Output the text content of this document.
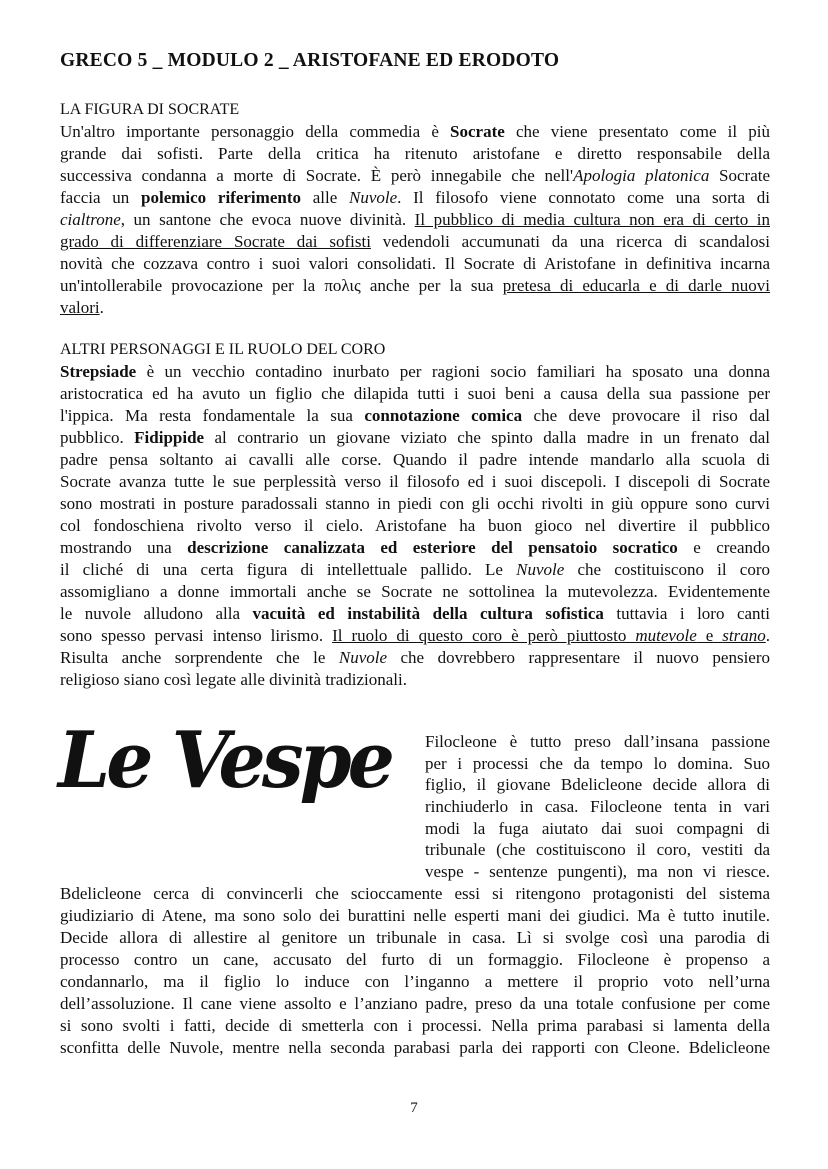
GRECO 5 _ MODULO 2 _ ARISTOFANE ED ERODOTO
LA FIGURA DI SOCRATE
Un'altro importante personaggio della commedia è Socrate che viene presentato come il più
grande dai sofisti. Parte della critica ha ritenuto aristofane e diretto responsabile della
successiva condanna a morte di Socrate. È però innegabile che nell'Apologia platonica Socrate
faccia un polemico riferimento alle Nuvole. Il filosofo viene connotato come una sorta di
cialtrone, un santone che evoca nuove divinità. Il pubblico di media cultura non era di certo in
grado di differenziare Socrate dai sofisti vedendoli accumunati da una ricerca di scandalosi
novità che cozzava contro i suoi valori consolidati. Il Socrate di Aristofane in definitiva incarna
un'intollerabile provocazione per la πολις anche per la sua pretesa di educarla e di darle nuovi
valori.
ALTRI PERSONAGGI E IL RUOLO DEL CORO
Strepsiade è un vecchio contadino inurbato per ragioni socio familiari ha sposato una donna
aristocratica ed ha avuto un figlio che dilapida tutti i suoi beni a causa della sua passione per
l'ippica. Ma resta fondamentale la sua connotazione comica che deve provocare il riso dal
pubblico. Fidippide al contrario un giovane viziato che spinto dalla madre in un frenato dal
padre pensa soltanto ai cavalli alle corse. Quando il padre intende mandarlo alla scuola di
Socrate avanza tutte le sue perplessità verso il filosofo ed i suoi discepoli. I discepoli di Socrate
sono mostrati in posture paradossali stanno in piedi con gli occhi rivolti in giù oppure sono curvi
col fondoschiena rivolto verso il cielo. Aristofane ha buon gioco nel divertire il pubblico
mostrando una descrizione canalizzata ed esteriore del pensatoio socratico e creando
il cliché di una certa figura di intellettuale pallido. Le Nuvole che costituiscono il coro
assomigliano a donne immortali anche se Socrate ne sottolinea la mutevolezza. Evidentemente
le nuvole alludono alla vacuità ed instabilità della cultura sofistica tuttavia i loro canti
sono spesso pervasi intenso lirismo. Il ruolo di questo coro è però piuttosto mutevole e strano.
Risulta anche sorprendente che le Nuvole che dovrebbero rappresentare il nuovo pensiero
religioso siano così legate alle divinità tradizionali.
Le Vespe Filocleone è tutto preso dall’insana passione
per i processi che da tempo lo domina. Suo
figlio, il giovane Bdelicleone decide allora di
rinchiuderlo in casa. Filocleone tenta in vari
modi la fuga aiutato dai suoi compagni di
tribunale (che costituiscono il coro, vestiti da
vespe - sentenze pungenti), ma non vi riesce.
Bdelicleone cerca di convincerli che scioccamente essi si ritengono protagonisti del sistema
giudiziario di Atene, ma sono solo dei burattini nelle esperti mani dei giudici. Ma è tutto inutile.
Decide allora di allestire al genitore un tribunale in casa. Lì si svolge così una parodia di
processo contro un cane, accusato del furto di un formaggio. Filocleone è propenso a
condannarlo, ma il figlio lo induce con l’inganno a mettere il proprio voto nell’urna
dell’assoluzione. Il cane viene assolto e l’anziano padre, preso da una totale confusione per come
si sono svolti i fatti, decide di smetterla con i processi. Nella prima parabasi si lamenta della
sconfitta delle Nuvole, mentre nella seconda parabasi parla dei rapporti con Cleone. Bdelicleone
7
